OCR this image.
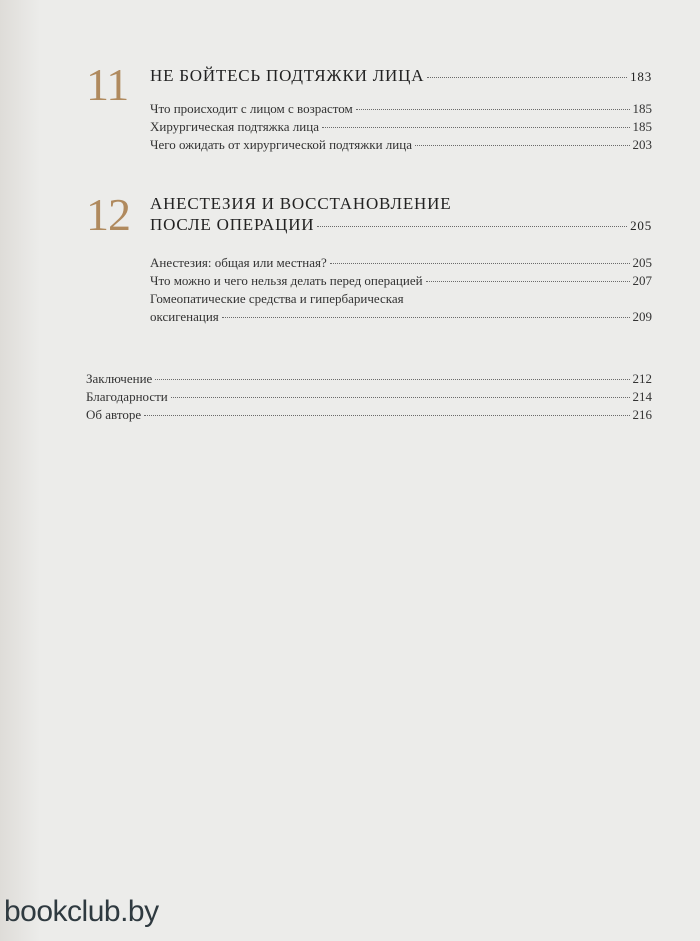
11 НЕ БОЙТЕСЬ ПОДТЯЖКИ ЛИЦА	183
Что происходит с лицом с возрастом	185
Хирургическая подтяжка лица	185
Чего ожидать от хирургической подтяжки лица	203
12 АНЕСТЕЗИЯ И ВОССТАНОВЛЕНИЕ
ПОСЛЕ ОПЕРАЦИИ	205
Анестезия: общая или местная?	205
Что можно и чего нельзя делать перед операцией	207
Гомеопатические средства и гипербарическая
оксигенация	209
Заключение	212
Благодарности	214
Об авторе	216
bookclub.by
